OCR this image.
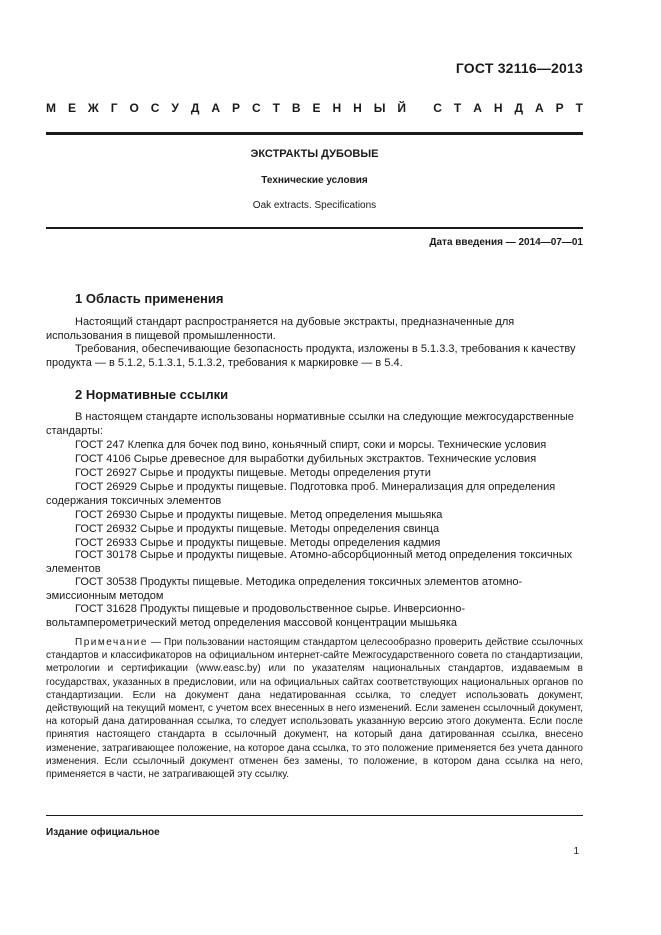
ГОСТ 32116—2013
М Е Ж Г О С У Д А Р С Т В Е Н Н Ы Й
С Т А Н Д А Р Т
ЭКСТРАКТЫ ДУБОВЫЕ
Технические условия
Oak extracts. Specifications
Дата введения — 2014—07—01
1 Область применения
Настоящий стандарт распространяется на дубовые экстракты, предназначенные для использования в пищевой промышленности.
Требования, обеспечивающие безопасность продукта, изложены в 5.1.3.3, требования к качеству продукта — в 5.1.2, 5.1.3.1, 5.1.3.2, требования к маркировке — в 5.4.
2 Нормативные ссылки
В настоящем стандарте использованы нормативные ссылки на следующие межгосударственные стандарты:
ГОСТ 247 Клепка для бочек под вино, коньячный спирт, соки и морсы. Технические условия
ГОСТ 4106 Сырье древесное для выработки дубильных экстрактов. Технические условия
ГОСТ 26927 Сырье и продукты пищевые. Методы определения ртути
ГОСТ 26929 Сырье и продукты пищевые. Подготовка проб. Минерализация для определения содержания токсичных элементов
ГОСТ 26930 Сырье и продукты пищевые. Метод определения мышьяка
ГОСТ 26932 Сырье и продукты пищевые. Методы определения свинца
ГОСТ 26933 Сырье и продукты пищевые. Методы определения кадмия
ГОСТ 30178 Сырье и продукты пищевые. Атомно-абсорбционный метод определения токсичных элементов
ГОСТ 30538 Продукты пищевые. Методика определения токсичных элементов атомно-эмиссионным методом
ГОСТ 31628 Продукты пищевые и продовольственное сырье. Инверсионно-вольтамперометрический метод определения массовой концентрации мышьяка
Примечание — При пользовании настоящим стандартом целесообразно проверить действие ссылочных стандартов и классификаторов на официальном интернет-сайте Межгосударственного совета по стандартизации, метрологии и сертификации (www.easc.by) или по указателям национальных стандартов, издаваемым в государствах, указанных в предисловии, или на официальных сайтах соответствующих национальных органов по стандартизации. Если на документ дана недатированная ссылка, то следует использовать документ, действующий на текущий момент, с учетом всех внесенных в него изменений. Если заменен ссылочный документ, на который дана датированная ссылка, то следует использовать указанную версию этого документа. Если после принятия настоящего стандарта в ссылочный документ, на который дана датированная ссылка, внесено изменение, затрагивающее положение, на которое дана ссылка, то это положение применяется без учета данного изменения. Если ссылочный документ отменен без замены, то положение, в котором дана ссылка на него, применяется в части, не затрагивающей эту ссылку.
Издание официальное
1
